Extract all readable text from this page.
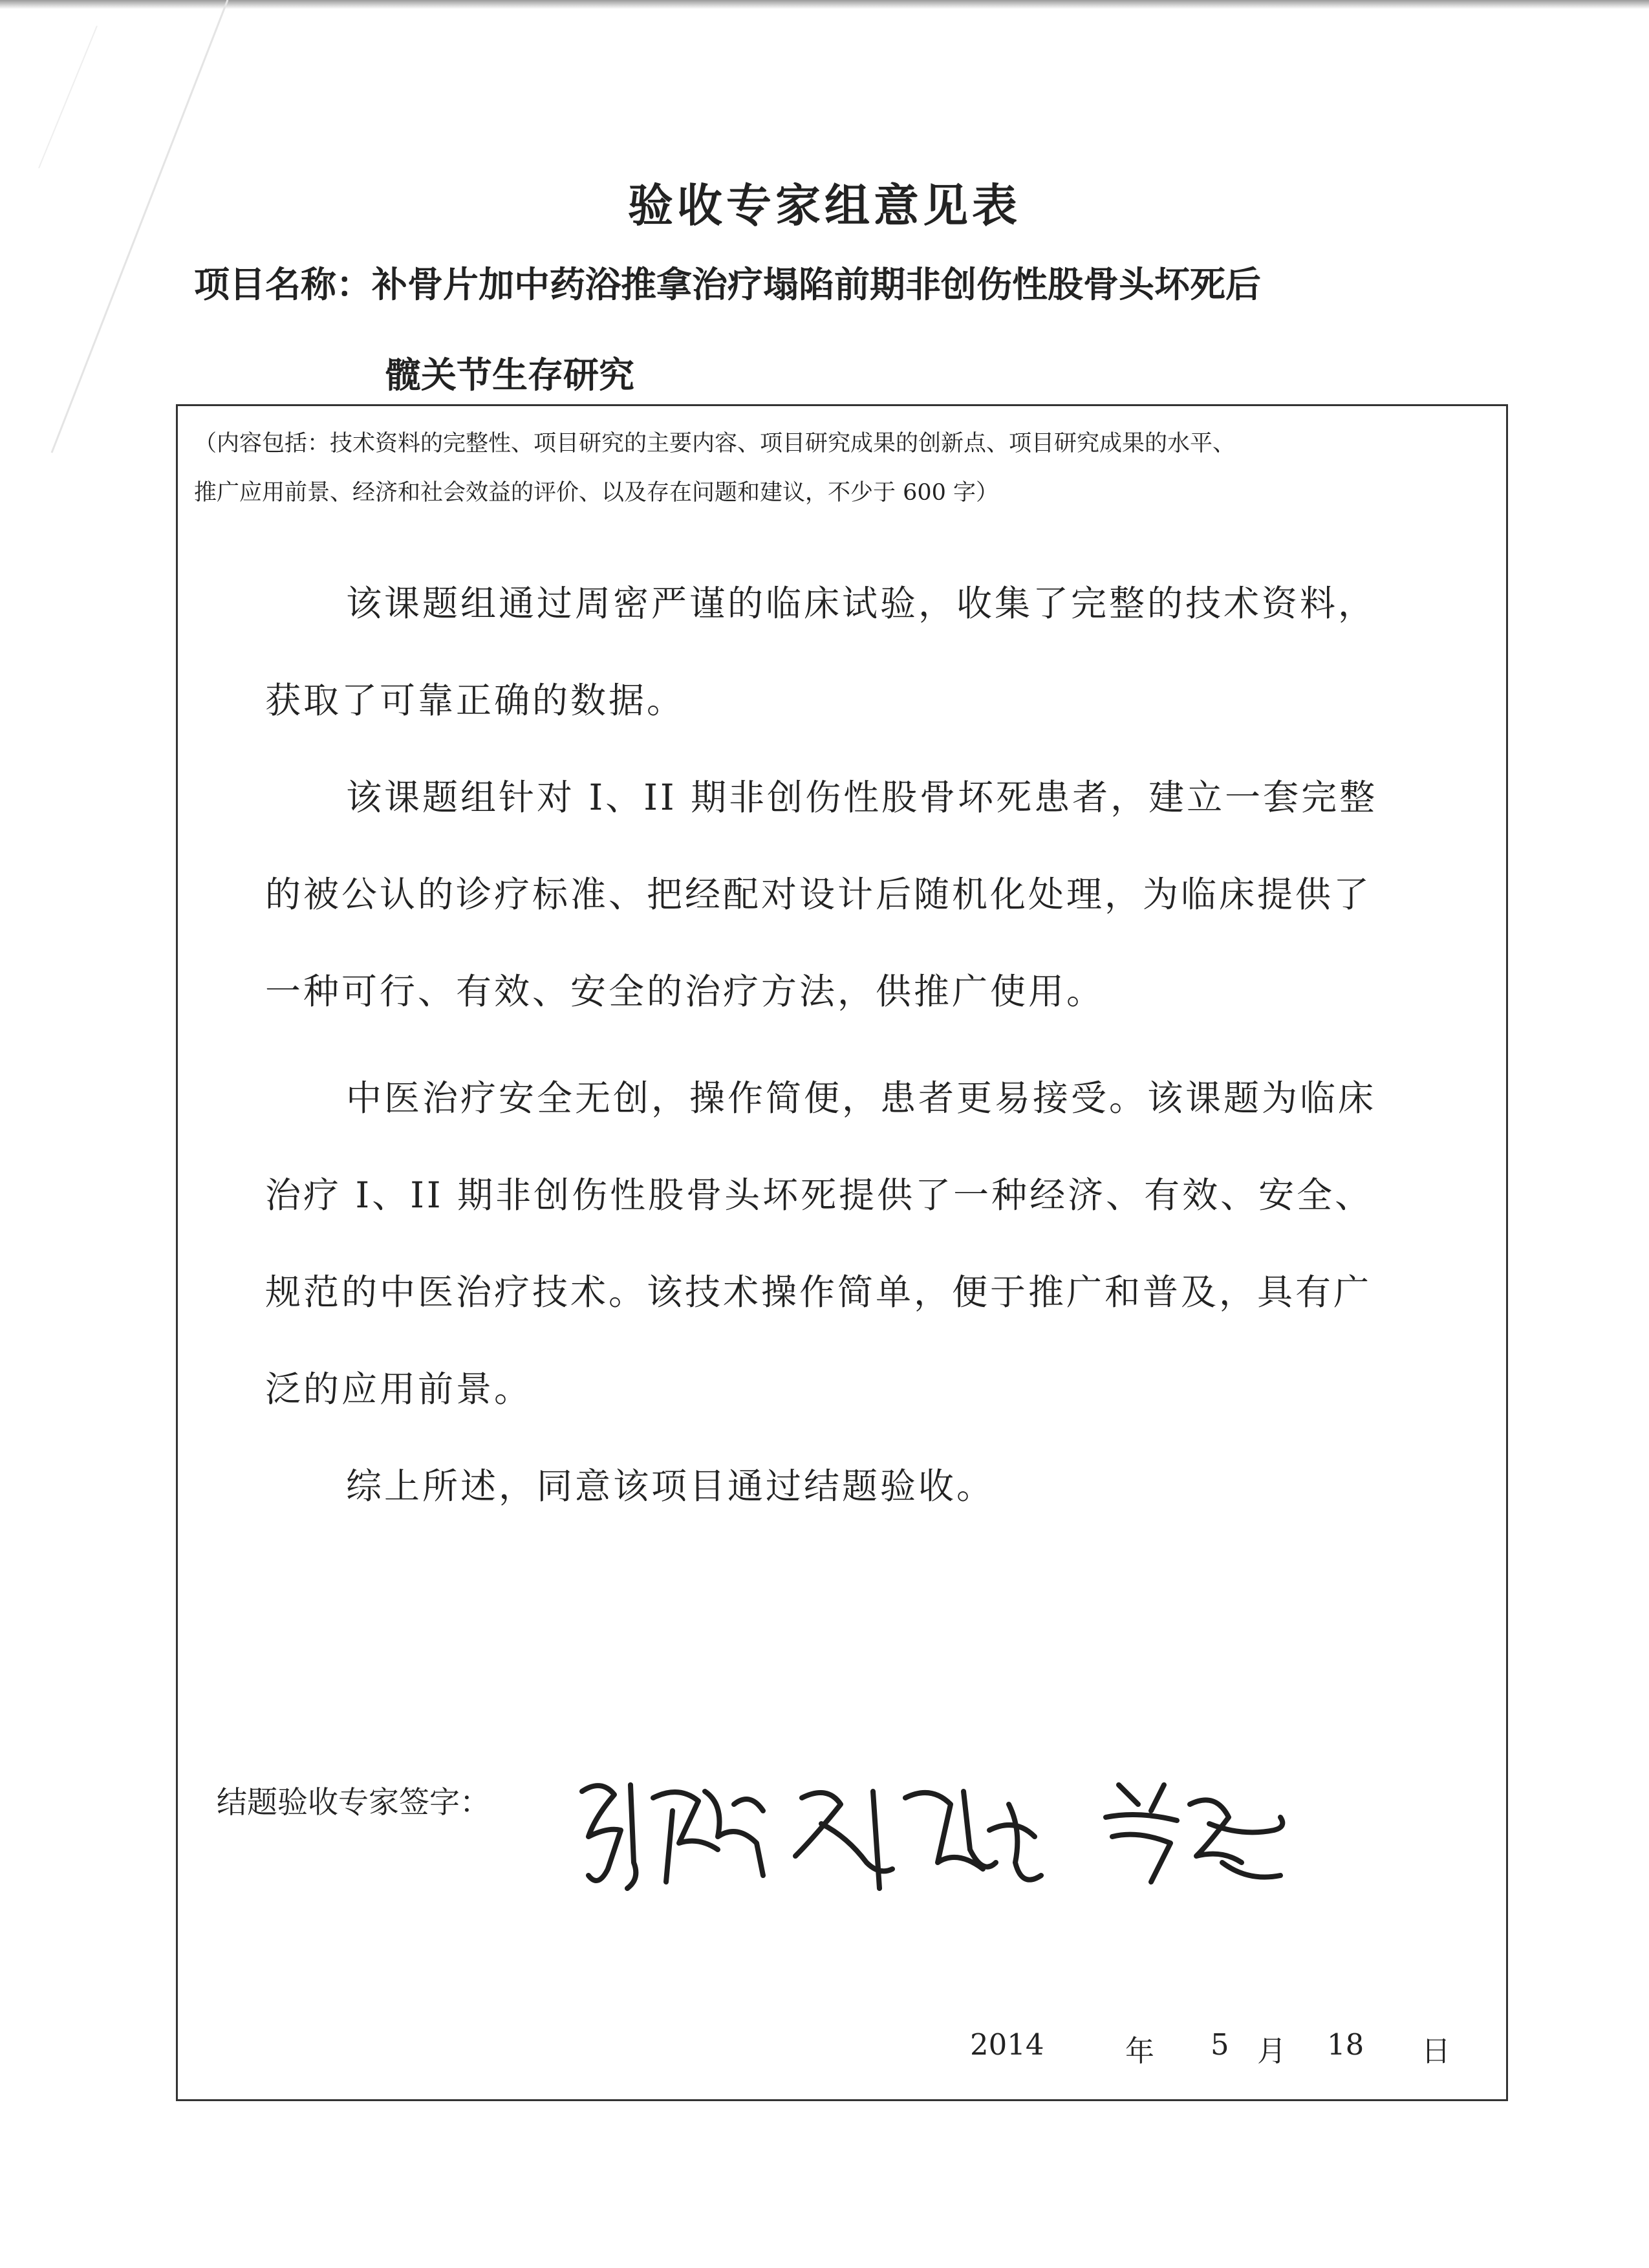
验收专家组意见表
项目名称：补骨片加中药浴推拿治疗塌陷前期非创伤性股骨头坏死后
髋关节生存研究
（内容包括：技术资料的完整性、项目研究的主要内容、项目研究成果的创新点、项目研究成果的水平、
推广应用前景、经济和社会效益的评价、以及存在问题和建议，不少于 600 字）

该课题组通过周密严谨的临床试验，收集了完整的技术资料，获取了可靠正确的数据。

该课题组针对 I、II 期非创伤性股骨坏死患者，建立一套完整的被公认的诊疗标准、把经配对设计后随机化处理，为临床提供了一种可行、有效、安全的治疗方法，供推广使用。

中医治疗安全无创，操作简便，患者更易接受。该课题为临床治疗 I、II 期非创伤性股骨头坏死提供了一种经济、有效、安全、规范的中医治疗技术。该技术操作简单，便于推广和普及，具有广泛的应用前景。

综上所述，同意该项目通过结题验收。

结题验收专家签字：
2014	年 5 月 18 日
